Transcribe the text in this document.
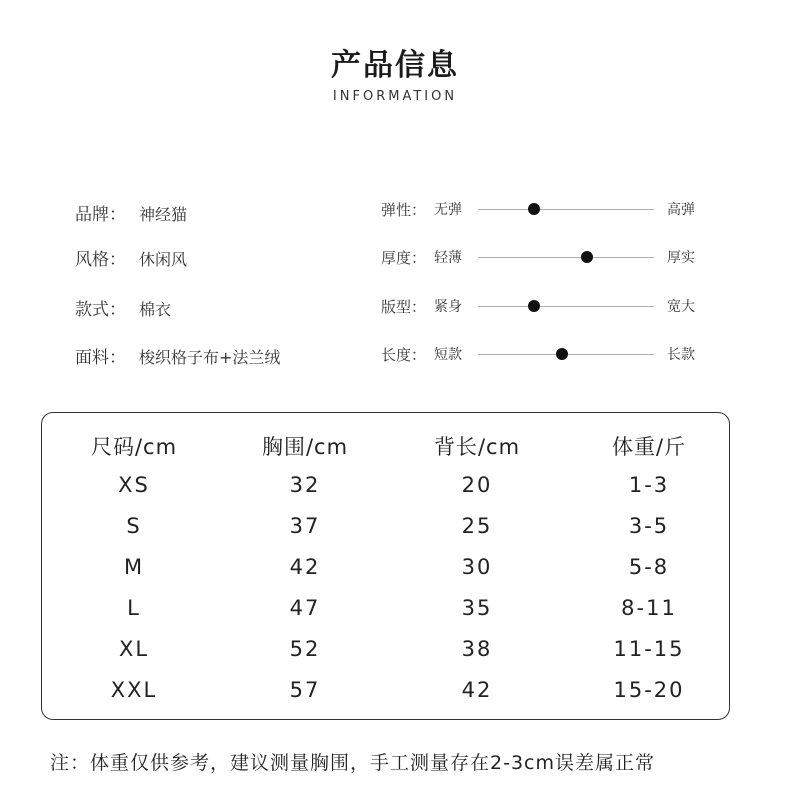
产品信息
INFORMATION
品牌： 神经猫
风格： 休闲风
款式： 棉衣
面料： 梭织格子布+法兰绒
弹性： 无弹	高弹
厚度： 轻薄	厚实
版型： 紧身	宽大
长度： 短款	长款
尺码/cm	胸围/cm	背长/cm	体重/斤
XS	32	20	1-3
S	37	25	3-5
M	42	30	5-8
L	47	35	8-11
XL	52	38	11-15
XXL	57	42	15-20
注：体重仅供参考，建议测量胸围，手工测量存在2-3cm误差属正常
